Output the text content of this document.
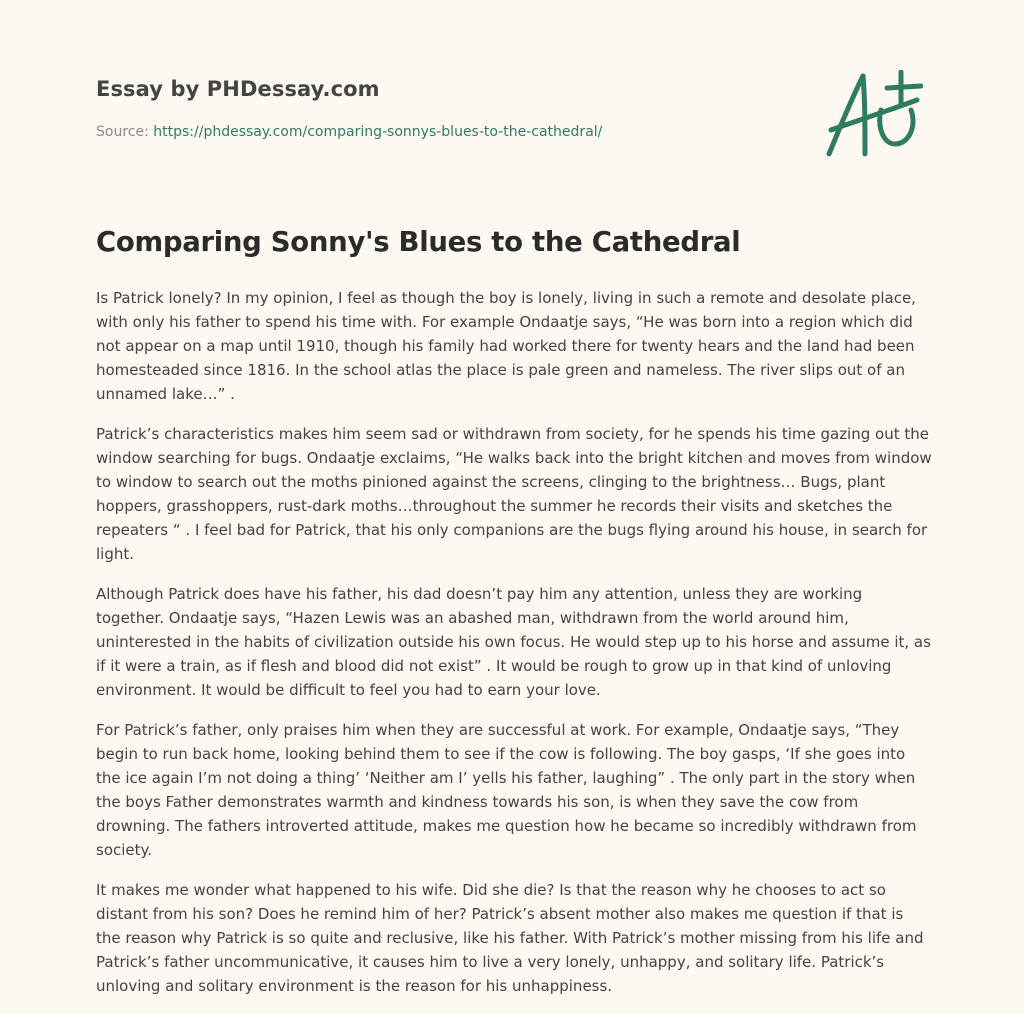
Essay by PHDessay.com
Source: https://phdessay.com/comparing-sonnys-blues-to-the-cathedral/
Comparing Sonny's Blues to the Cathedral

Is Patrick lonely? In my opinion, I feel as though the boy is lonely, living in such a remote and desolate place, with only his father to spend his time with. For example Ondaatje says, “He was born into a region which did not appear on a map until 1910, though his family had worked there for twenty hears and the land had been homesteaded since 1816. In the school atlas the place is pale green and nameless. The river slips out of an unnamed lake…” .

Patrick’s characteristics makes him seem sad or withdrawn from society, for he spends his time gazing out the window searching for bugs. Ondaatje exclaims, “He walks back into the bright kitchen and moves from window to window to search out the moths pinioned against the screens, clinging to the brightness… Bugs, plant hoppers, grasshoppers, rust-dark moths…throughout the summer he records their visits and sketches the repeaters “ . I feel bad for Patrick, that his only companions are the bugs flying around his house, in search for light.

Although Patrick does have his father, his dad doesn’t pay him any attention, unless they are working together. Ondaatje says, “Hazen Lewis was an abashed man, withdrawn from the world around him, uninterested in the habits of civilization outside his own focus. He would step up to his horse and assume it, as if it were a train, as if flesh and blood did not exist” . It would be rough to grow up in that kind of unloving environment. It would be difficult to feel you had to earn your love.

For Patrick’s father, only praises him when they are successful at work. For example, Ondaatje says, “They begin to run back home, looking behind them to see if the cow is following. The boy gasps, ‘If she goes into the ice again I’m not doing a thing’ ‘Neither am I’ yells his father, laughing” . The only part in the story when the boys Father demonstrates warmth and kindness towards his son, is when they save the cow from drowning. The fathers introverted attitude, makes me question how he became so incredibly withdrawn from society.

It makes me wonder what happened to his wife. Did she die? Is that the reason why he chooses to act so distant from his son? Does he remind him of her? Patrick’s absent mother also makes me question if that is the reason why Patrick is so quite and reclusive, like his father. With Patrick’s mother missing from his life and Patrick’s father uncommunicative, it causes him to live a very lonely, unhappy, and solitary life. Patrick’s unloving and solitary environment is the reason for his unhappiness.
